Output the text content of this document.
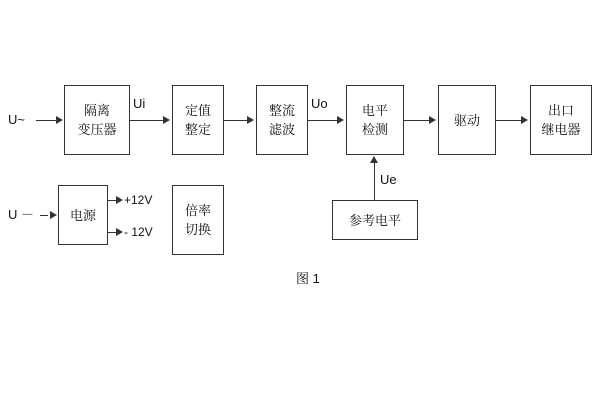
U~
隔离
变压器
Ui	定值
整定
整流
滤波
Uo	电平
检测
驱动
出口
继电器
U －	电源
+12V
- 12V
倍率
切换
参考电平
Ue
图 1
